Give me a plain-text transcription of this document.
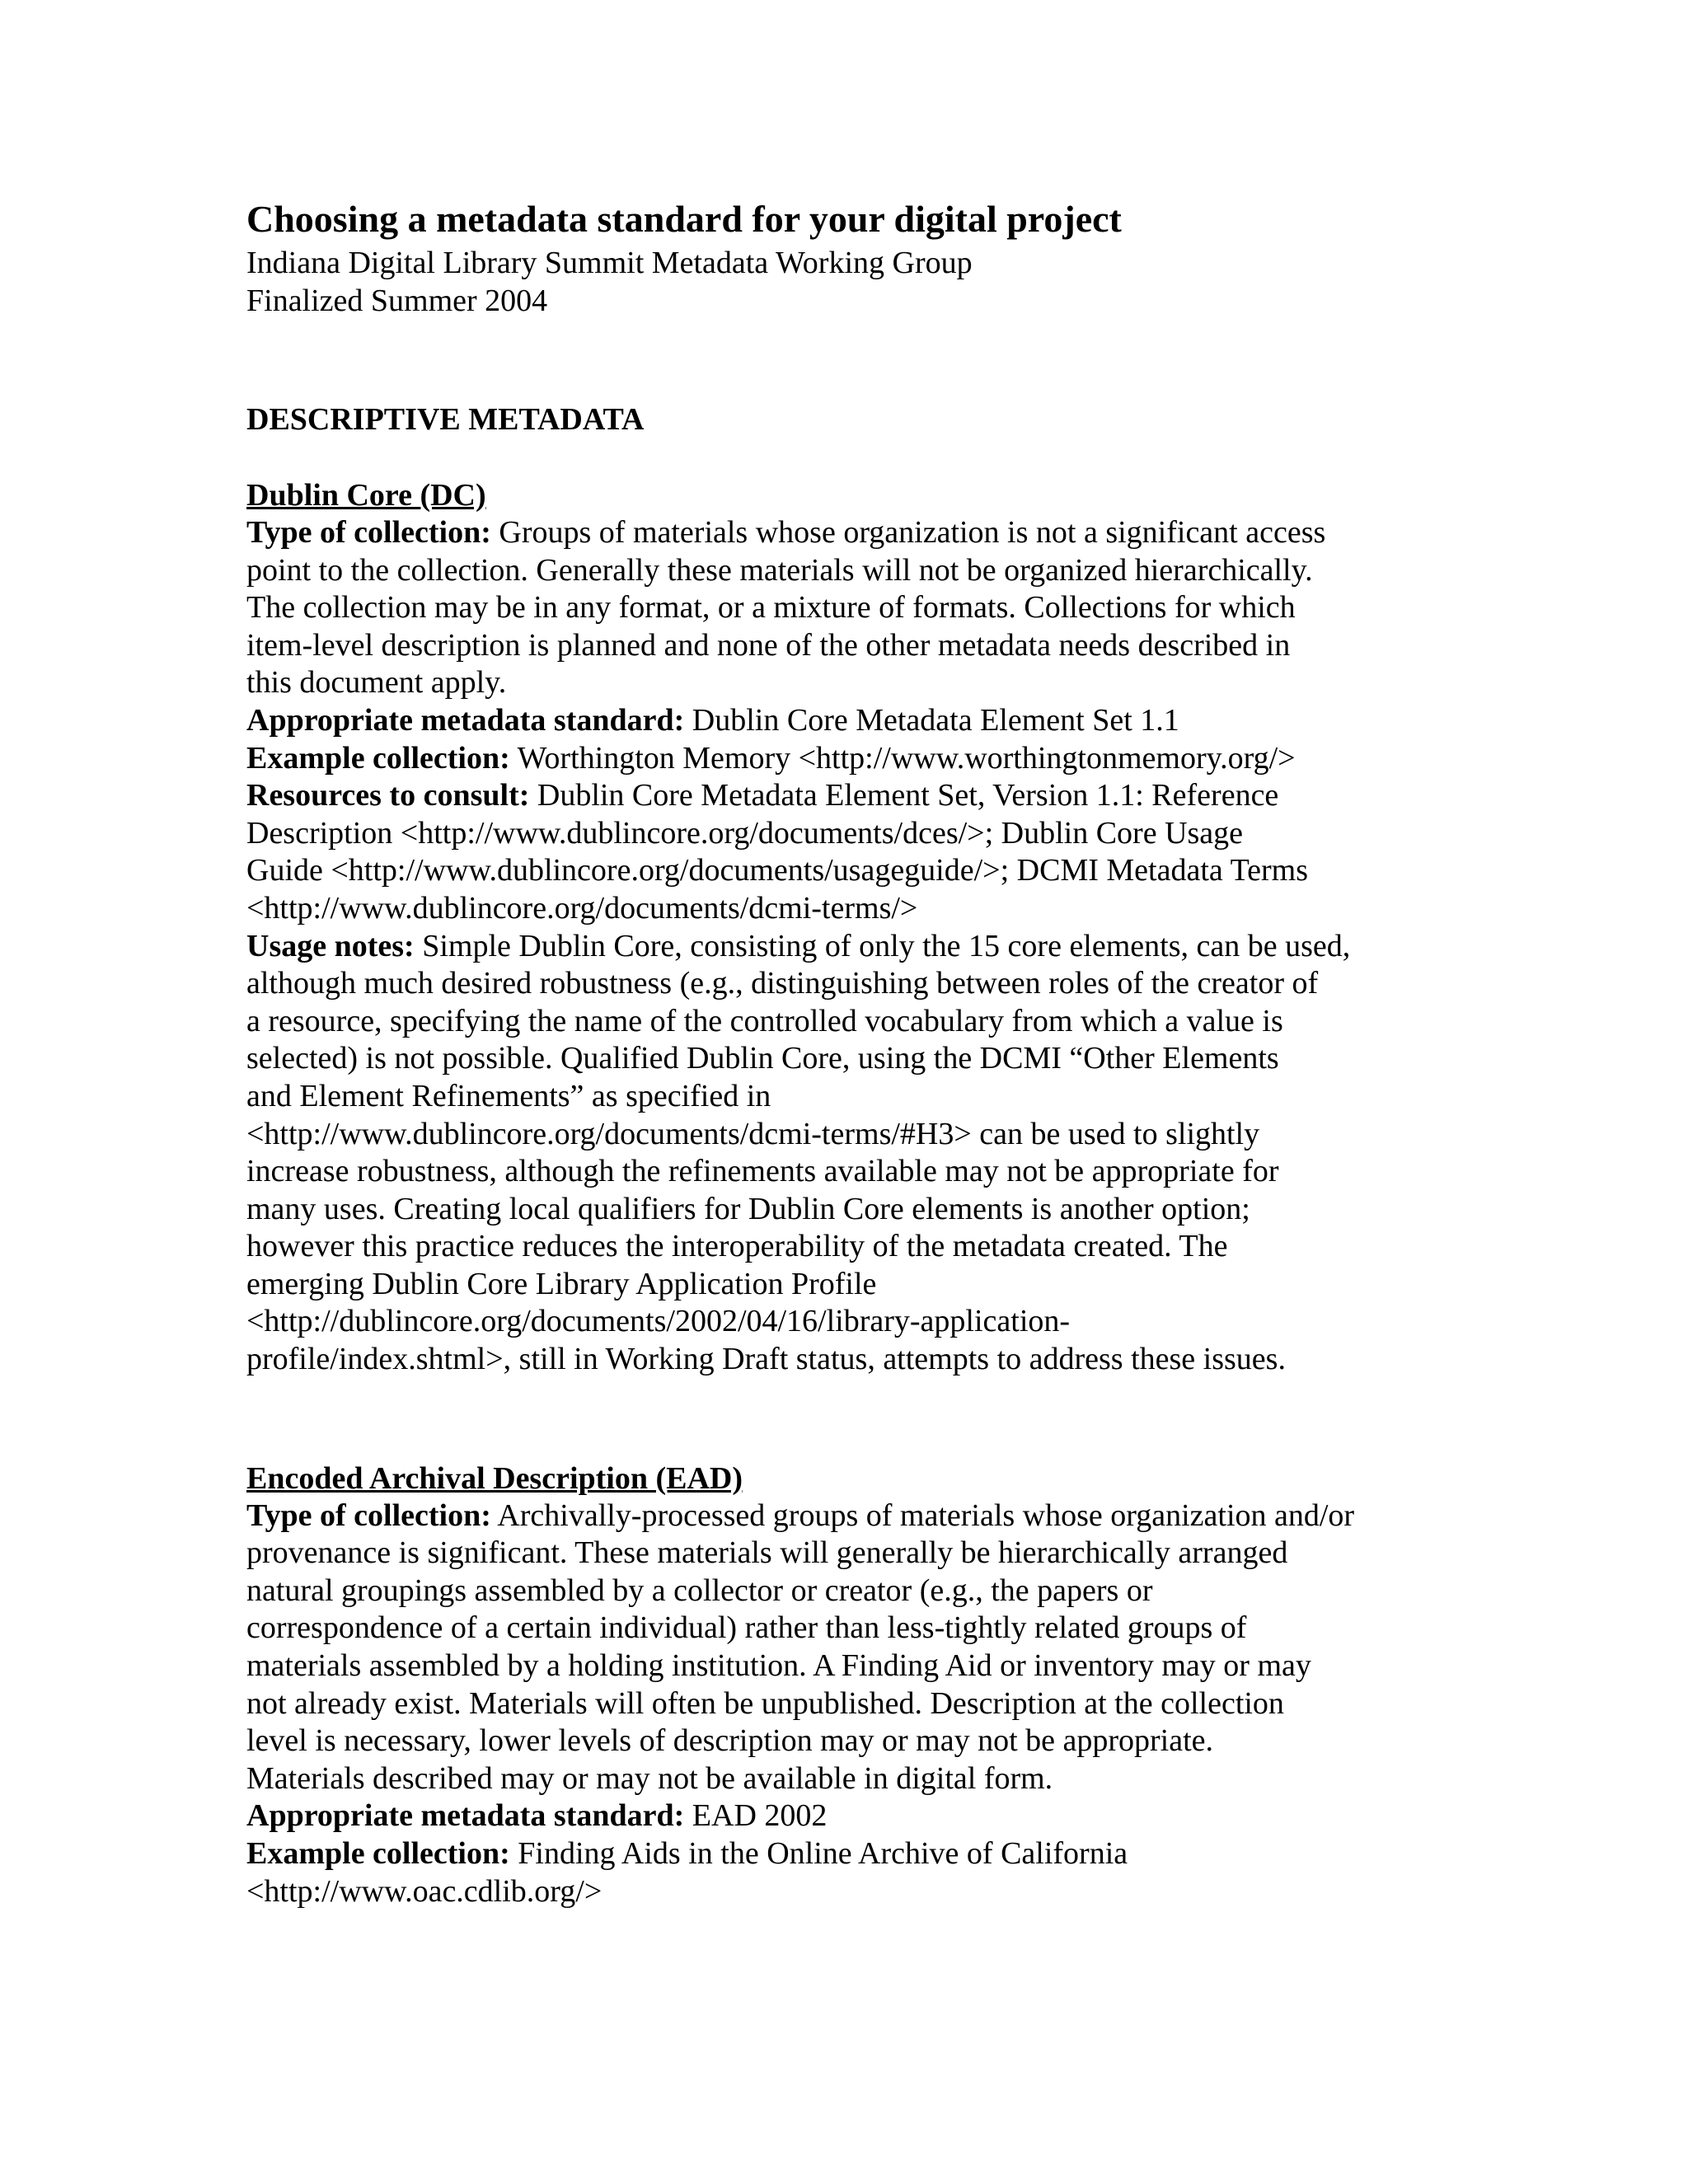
Choosing a metadata standard for your digital project
Indiana Digital Library Summit Metadata Working Group
Finalized Summer 2004
DESCRIPTIVE METADATA
Dublin Core (DC)
Type of collection: Groups of materials whose organization is not a significant access
point to the collection. Generally these materials will not be organized hierarchically.
The collection may be in any format, or a mixture of formats. Collections for which
item-level description is planned and none of the other metadata needs described in
this document apply.
Appropriate metadata standard: Dublin Core Metadata Element Set 1.1
Example collection: Worthington Memory <http://www.worthingtonmemory.org/>
Resources to consult: Dublin Core Metadata Element Set, Version 1.1: Reference
Description <http://www.dublincore.org/documents/dces/>; Dublin Core Usage
Guide <http://www.dublincore.org/documents/usageguide/>; DCMI Metadata Terms
<http://www.dublincore.org/documents/dcmi-terms/>
Usage notes: Simple Dublin Core, consisting of only the 15 core elements, can be used,
although much desired robustness (e.g., distinguishing between roles of the creator of
a resource, specifying the name of the controlled vocabulary from which a value is
selected) is not possible. Qualified Dublin Core, using the DCMI “Other Elements
and Element Refinements” as specified in
<http://www.dublincore.org/documents/dcmi-terms/#H3> can be used to slightly
increase robustness, although the refinements available may not be appropriate for
many uses. Creating local qualifiers for Dublin Core elements is another option;
however this practice reduces the interoperability of the metadata created. The
emerging Dublin Core Library Application Profile
<http://dublincore.org/documents/2002/04/16/library-application-
profile/index.shtml>, still in Working Draft status, attempts to address these issues.
Encoded Archival Description (EAD)
Type of collection: Archivally-processed groups of materials whose organization and/or
provenance is significant. These materials will generally be hierarchically arranged
natural groupings assembled by a collector or creator (e.g., the papers or
correspondence of a certain individual) rather than less-tightly related groups of
materials assembled by a holding institution. A Finding Aid or inventory may or may
not already exist. Materials will often be unpublished. Description at the collection
level is necessary, lower levels of description may or may not be appropriate.
Materials described may or may not be available in digital form.
Appropriate metadata standard: EAD 2002
Example collection: Finding Aids in the Online Archive of California
<http://www.oac.cdlib.org/>
